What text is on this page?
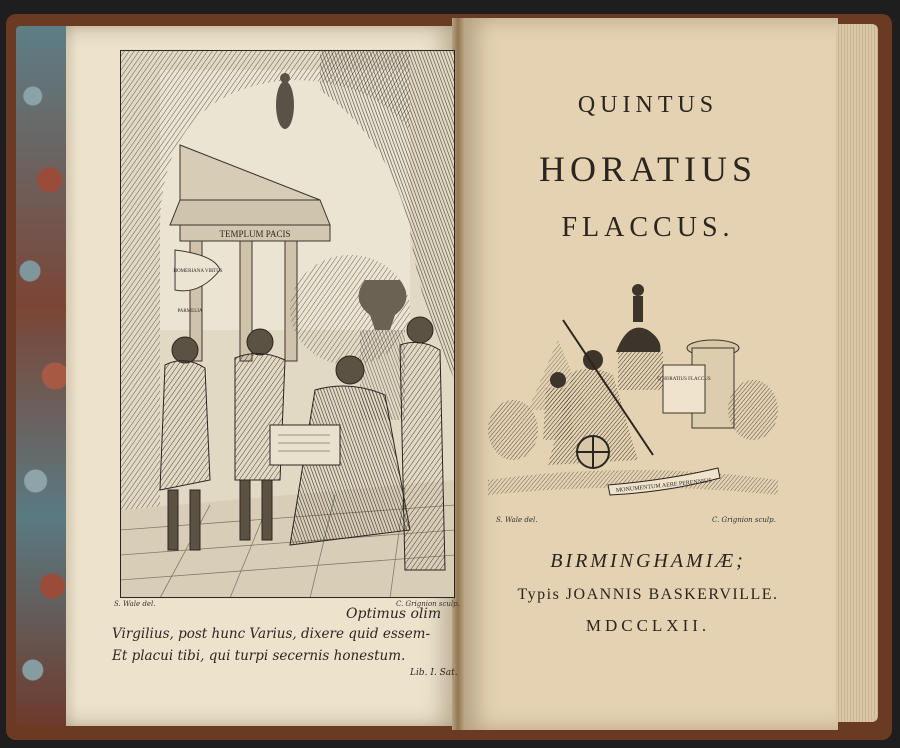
TEMPLUM PACIS
HOMERIANA VIRTUS
PARMELIA
S. Wale del.	C. Grignion sculp.
Optimus olim
Virgilius, post hunc Varius, dixere quid essem-
Et placui tibi, qui turpi secernis honestum.
Lib. I. Sat.
QUINTUS
HORATIUS
FLACCUS.
Q HORATIUS FLACCUS
MONUMENTUM AERE PERENNIUS
S. Wale del.	C. Grignion sculp.
BIRMINGHAMIÆ;
Typis JOANNIS BASKERVILLE.
MDCCLXII.
